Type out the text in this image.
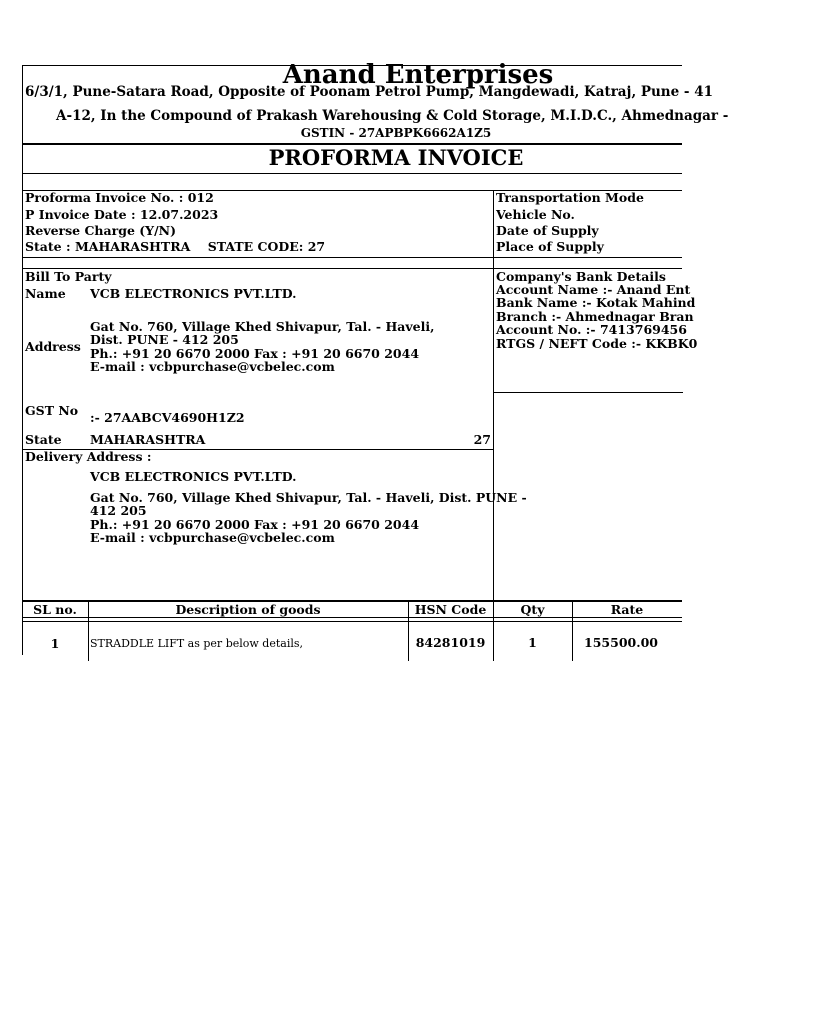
Anand Enterprises
6/3/1, Pune-Satara Road, Opposite of Poonam Petrol Pump, Mangdewadi, Katraj, Pune - 41
A-12, In the Compound of Prakash Warehousing & Cold Storage, M.I.D.C., Ahmednagar -
GSTIN - 27APBPK6662A1Z5
PROFORMA INVOICE
Proforma Invoice No. : 012
P Invoice Date : 12.07.2023
Reverse Charge (Y/N)
State : MAHARASHTRA    STATE CODE: 27
Transportation Mode
Vehicle No.
Date of Supply
Place of Supply
Bill To Party
Name VCB ELECTRONICS PVT.LTD.
Address
Gat No. 760, Village Khed Shivapur, Tal. - Haveli,
Dist. PUNE - 412 205
Ph.: +91 20 6670 2000 Fax : +91 20 6670 2044
E-mail : vcbpurchase@vcbelec.com
GST No :- 27AABCV4690H1Z2
State MAHARASHTRA	27
Company's Bank Details
Account Name :- Anand Ent
Bank Name :- Kotak Mahind
Branch :- Ahmednagar Bran
Account No. :- 7413769456
RTGS / NEFT Code :- KKBK0
Delivery Address :
VCB ELECTRONICS PVT.LTD.
Gat No. 760, Village Khed Shivapur, Tal. - Haveli, Dist. PUNE -
412 205
Ph.: +91 20 6670 2000 Fax : +91 20 6670 2044
E-mail : vcbpurchase@vcbelec.com
SL no.	Description of goods	HSN Code	Qty	Rate
1	STRADDLE LIFT as per below details,	84281019	1	155500.00
